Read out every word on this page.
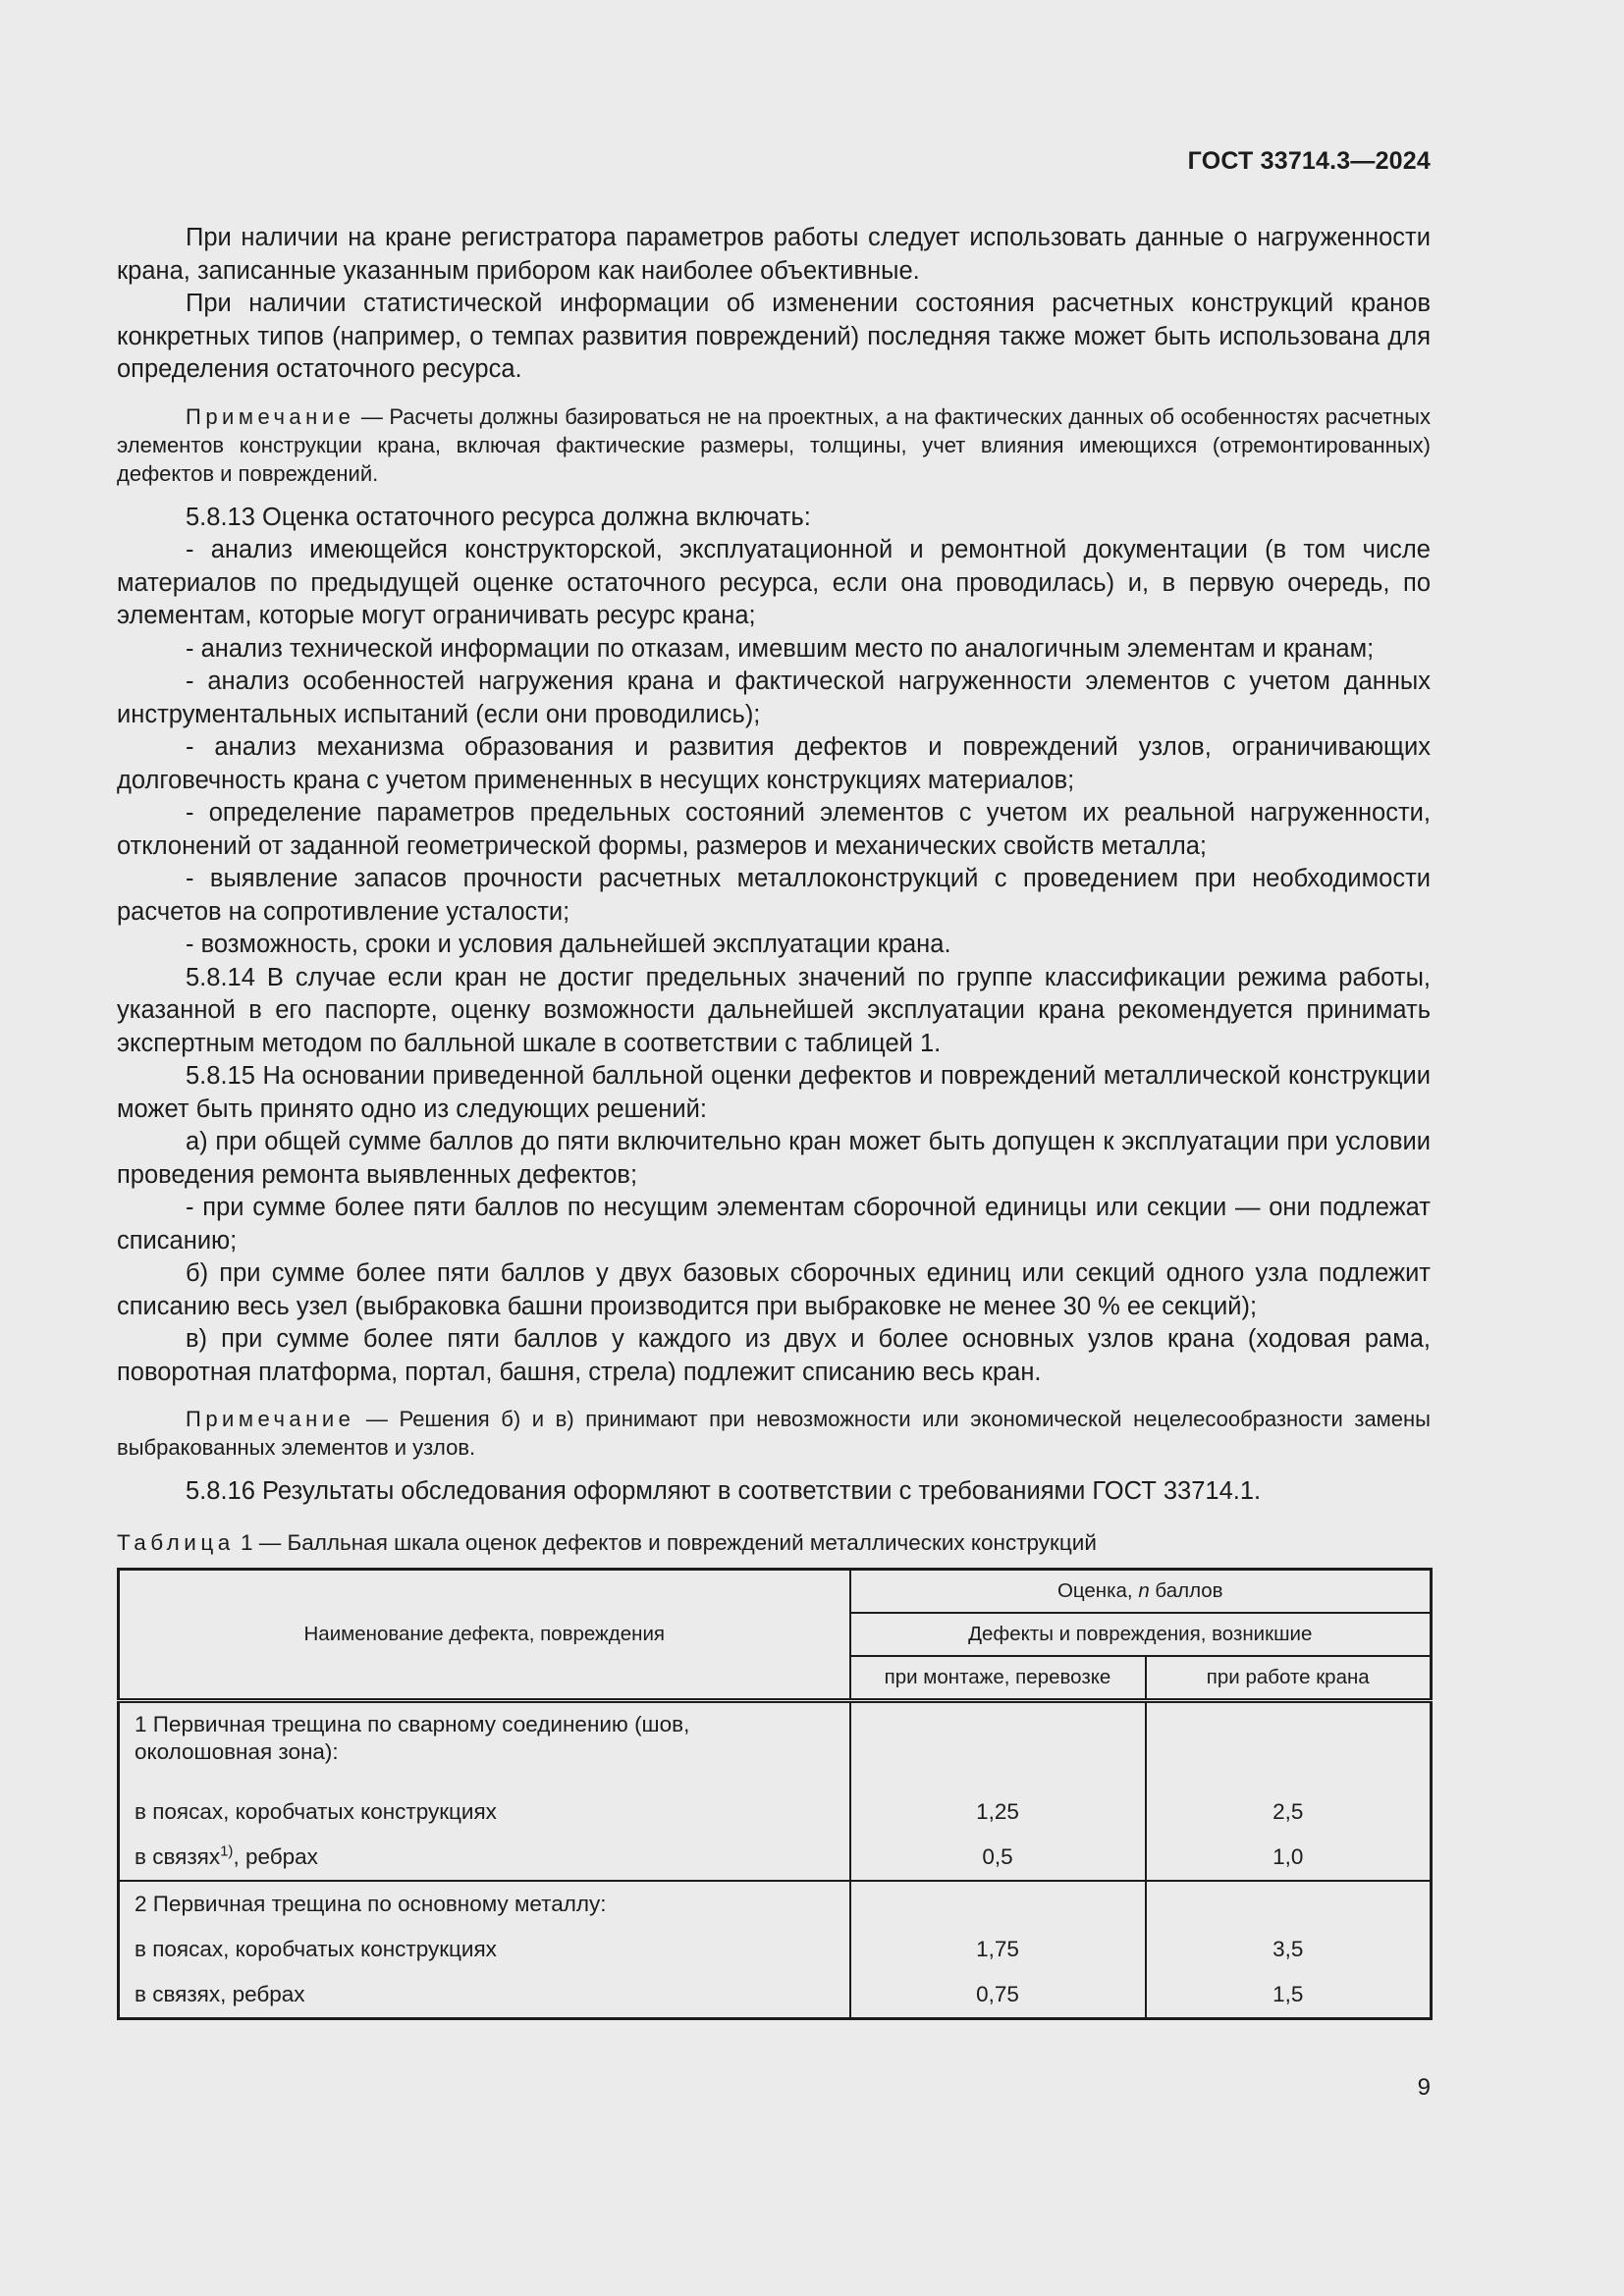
ГОСТ 33714.3—2024

При наличии на кране регистратора параметров работы следует использовать данные о нагруженности крана, записанные указанным прибором как наиболее объективные.

При наличии статистической информации об изменении состояния расчетных конструкций кранов конкретных типов (например, о темпах развития повреждений) последняя также может быть использована для определения остаточного ресурса.

Примечание — Расчеты должны базироваться не на проектных, а на фактических данных об особенностях расчетных элементов конструкции крана, включая фактические размеры, толщины, учет влияния имеющихся (отремонтированных) дефектов и повреждений.

5.8.13 Оценка остаточного ресурса должна включать:

- анализ имеющейся конструкторской, эксплуатационной и ремонтной документации (в том числе материалов по предыдущей оценке остаточного ресурса, если она проводилась) и, в первую очередь, по элементам, которые могут ограничивать ресурс крана;

- анализ технической информации по отказам, имевшим место по аналогичным элементам и кранам;

- анализ особенностей нагружения крана и фактической нагруженности элементов с учетом данных инструментальных испытаний (если они проводились);

- анализ механизма образования и развития дефектов и повреждений узлов, ограничивающих долговечность крана с учетом примененных в несущих конструкциях материалов;

- определение параметров предельных состояний элементов с учетом их реальной нагруженности, отклонений от заданной геометрической формы, размеров и механических свойств металла;

- выявление запасов прочности расчетных металлоконструкций с проведением при необходимости расчетов на сопротивление усталости;

- возможность, сроки и условия дальнейшей эксплуатации крана.

5.8.14 В случае если кран не достиг предельных значений по группе классификации режима работы, указанной в его паспорте, оценку возможности дальнейшей эксплуатации крана рекомендуется принимать экспертным методом по балльной шкале в соответствии с таблицей 1.

5.8.15 На основании приведенной балльной оценки дефектов и повреждений металлической конструкции может быть принято одно из следующих решений:

а) при общей сумме баллов до пяти включительно кран может быть допущен к эксплуатации при условии проведения ремонта выявленных дефектов;

- при сумме более пяти баллов по несущим элементам сборочной единицы или секции — они подлежат списанию;

б) при сумме более пяти баллов у двух базовых сборочных единиц или секций одного узла подлежит списанию весь узел (выбраковка башни производится при выбраковке не менее 30 % ее секций);

в) при сумме более пяти баллов у каждого из двух и более основных узлов крана (ходовая рама, поворотная платформа, портал, башня, стрела) подлежит списанию весь кран.

Примечание — Решения б) и в) принимают при невозможности или экономической нецелесообразности замены выбракованных элементов и узлов.

5.8.16 Результаты обследования оформляют в соответствии с требованиями ГОСТ 33714.1.

Таблица 1 — Балльная шкала оценок дефектов и повреждений металлических конструкций
Наименование дефекта, повреждения	Оценка, n баллов	
	Дефекты и повреждения, возникшие	
	при монтаже, перевозке	при работе крана
1 Первичная трещина по сварному соединению (шов, околошовная зона):		
в поясах, коробчатых конструкциях	1,25	2,5
в связях$^{1)}$, ребрах	0,5	1,0
2 Первичная трещина по основному металлу:		
в поясах, коробчатых конструкциях	1,75	3,5
в связях, ребрах	0,75	1,5
9
